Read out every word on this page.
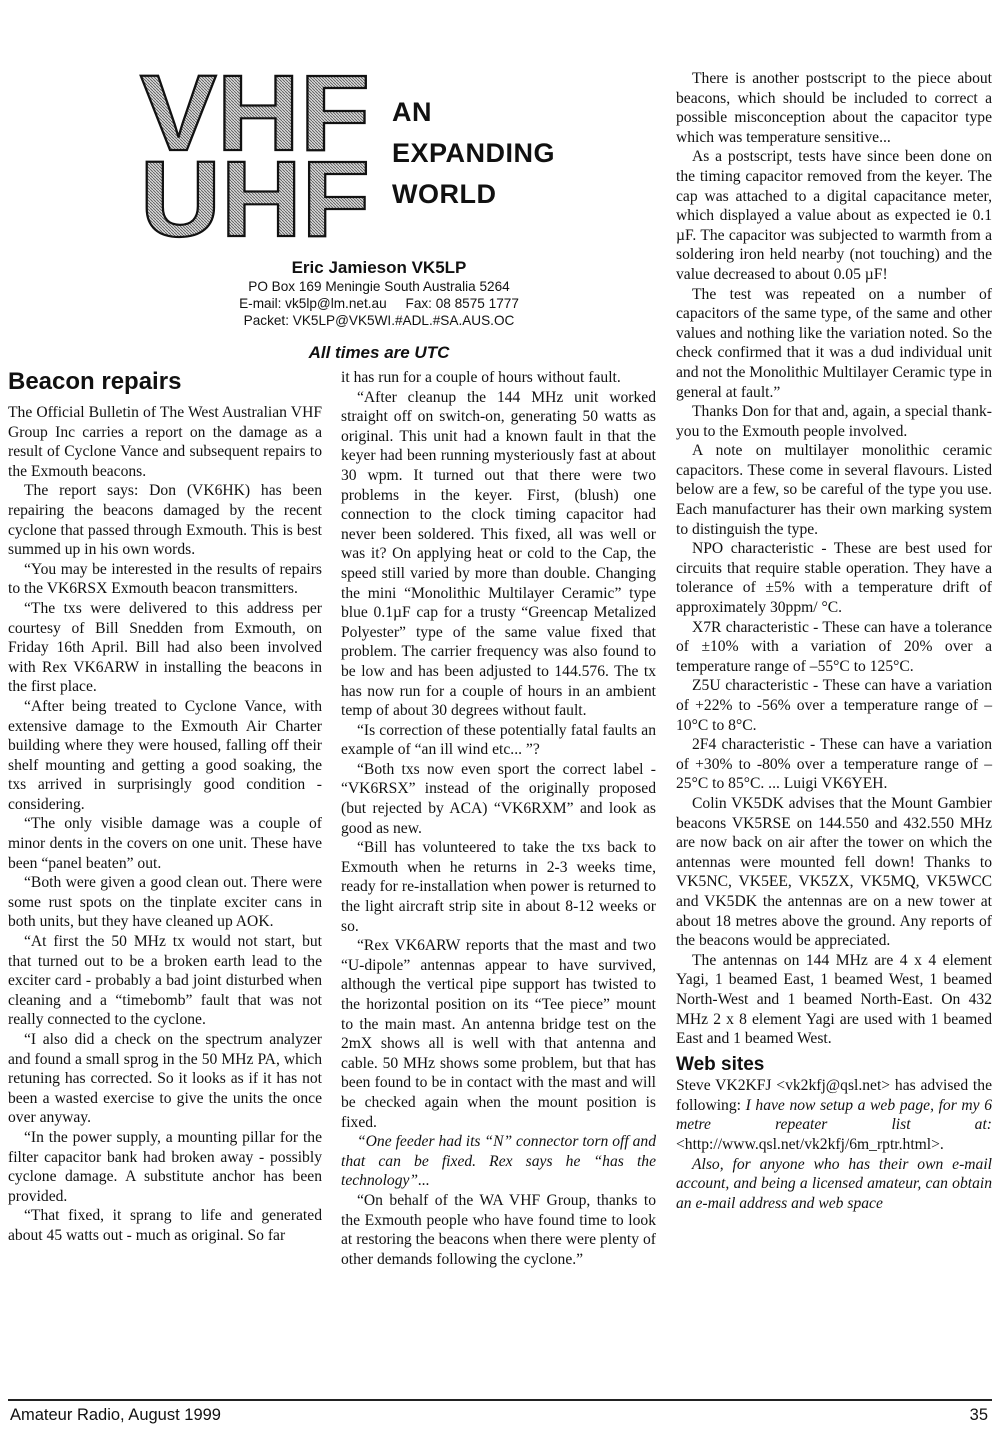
VHF
UHF
AN
EXPANDING
WORLD
Eric Jamieson VK5LP
PO Box 169 Meningie South Australia 5264
E-mail: vk5lp@lm.net.au     Fax: 08 8575 1777
Packet: VK5LP@VK5WI.#ADL.#SA.AUS.OC
All times are UTC
Beacon repairs

The Official Bulletin of The West Australian VHF Group Inc carries a report on the damage as a result of Cyclone Vance and subsequent repairs to the Exmouth beacons.

The report says: Don (VK6HK) has been repairing the beacons damaged by the recent cyclone that passed through Exmouth. This is best summed up in his own words.

“You may be interested in the results of repairs to the VK6RSX Exmouth beacon transmitters.

“The txs were delivered to this address per courtesy of Bill Snedden from Exmouth, on Friday 16th April. Bill had also been involved with Rex VK6ARW in installing the beacons in the first place.

“After being treated to Cyclone Vance, with extensive damage to the Exmouth Air Charter building where they were housed, falling off their shelf mounting and getting a good soaking, the txs arrived in surprisingly good condition - considering.

“The only visible damage was a couple of minor dents in the covers on one unit. These have been “panel beaten” out.

“Both were given a good clean out. There were some rust spots on the tinplate exciter cans in both units, but they have cleaned up AOK.

“At first the 50 MHz tx would not start, but that turned out to be a broken earth lead to the exciter card - probably a bad joint disturbed when cleaning and a “timebomb” fault that was not really connected to the cyclone.

“I also did a check on the spectrum analyzer and found a small sprog in the 50 MHz PA, which retuning has corrected. So it looks as if it has not been a wasted exercise to give the units the once over anyway.

“In the power supply, a mounting pillar for the filter capacitor bank had broken away - possibly cyclone damage. A substitute anchor has been provided.

“That fixed, it sprang to life and generated about 45 watts out - much as original. So far

it has run for a couple of hours without fault.

“After cleanup the 144 MHz unit worked straight off on switch-on, generating 50 watts as original. This unit had a known fault in that the keyer had been running mysteriously fast at about 30 wpm. It turned out that there were two problems in the keyer. First, (blush) one connection to the clock timing capacitor had never been soldered. This fixed, all was well or was it? On applying heat or cold to the Cap, the speed still varied by more than double. Changing the mini “Monolithic Multilayer Ceramic” type blue 0.1µF cap for a trusty “Greencap Metalized Polyester” type of the same value fixed that problem. The carrier frequency was also found to be low and has been adjusted to 144.576. The tx has now run for a couple of hours in an ambient temp of about 30 degrees without fault.

“Is correction of these potentially fatal faults an example of “an ill wind etc... ”?

“Both txs now even sport the correct label - “VK6RSX” instead of the originally proposed (but rejected by ACA) “VK6RXM” and look as good as new.

“Bill has volunteered to take the txs back to Exmouth when he returns in 2-3 weeks time, ready for re-installation when power is returned to the light aircraft strip site in about 8-12 weeks or so.

“Rex VK6ARW reports that the mast and two “U-dipole” antennas appear to have survived, although the vertical pipe support has twisted to the horizontal position on its “Tee piece” mount to the main mast. An antenna bridge test on the 2mX shows all is well with that antenna and cable. 50 MHz shows some problem, but that has been found to be in contact with the mast and will be checked again when the mount position is fixed.

“One feeder had its “N” connector torn off and that can be fixed. Rex says he “has the technology”...

“On behalf of the WA VHF Group, thanks to the Exmouth people who have found time to look at restoring the beacons when there were plenty of other demands following the cyclone.”

There is another postscript to the piece about beacons, which should be included to correct a possible misconception about the capacitor type which was temperature sensitive...

As a postscript, tests have since been done on the timing capacitor removed from the keyer. The cap was attached to a digital capacitance meter, which displayed a value about as expected ie 0.1 µF. The capacitor was subjected to warmth from a soldering iron held nearby (not touching) and the value decreased to about 0.05 µF!

The test was repeated on a number of capacitors of the same type, of the same and other values and nothing like the variation noted. So the check confirmed that it was a dud individual unit and not the Monolithic Multilayer Ceramic type in general at fault.”

Thanks Don for that and, again, a special thank-you to the Exmouth people involved.

A note on multilayer monolithic ceramic capacitors. These come in several flavours. Listed below are a few, so be careful of the type you use. Each manufacturer has their own marking system to distinguish the type.

NPO characteristic - These are best used for circuits that require stable operation. They have a tolerance of ±5% with a temperature drift of approximately 30ppm/ °C.

X7R characteristic - These can have a tolerance of ±10% with a variation of 20% over a temperature range of –55°C to 125°C.

Z5U characteristic - These can have a variation of +22% to -56% over a temperature range of –10°C to 8°C.

2F4 characteristic - These can have a variation of +30% to -80% over a temperature range of –25°C to 85°C. ... Luigi VK6YEH.

Colin VK5DK advises that the Mount Gambier beacons VK5RSE on 144.550 and 432.550 MHz are now back on air after the tower on which the antennas were mounted fell down! Thanks to VK5NC, VK5EE, VK5ZX, VK5MQ, VK5WCC and VK5DK the antennas are on a new tower at about 18 metres above the ground. Any reports of the beacons would be appreciated.

The antennas on 144 MHz are 4 x 4 element Yagi, 1 beamed East, 1 beamed West, 1 beamed North-West and 1 beamed North-East. On 432 MHz 2 x 8 element Yagi are used with 1 beamed East and 1 beamed West.

Web sites

Steve VK2KFJ <vk2kfj@qsl.net> has advised the following: I have now setup a web page, for my 6 metre repeater list at: <http://www.qsl.net/vk2kfj/6m_rptr.html>.

Also, for anyone who has their own e-mail account, and being a licensed amateur, can obtain an e-mail address and web space

Amateur Radio, August 1999	35
